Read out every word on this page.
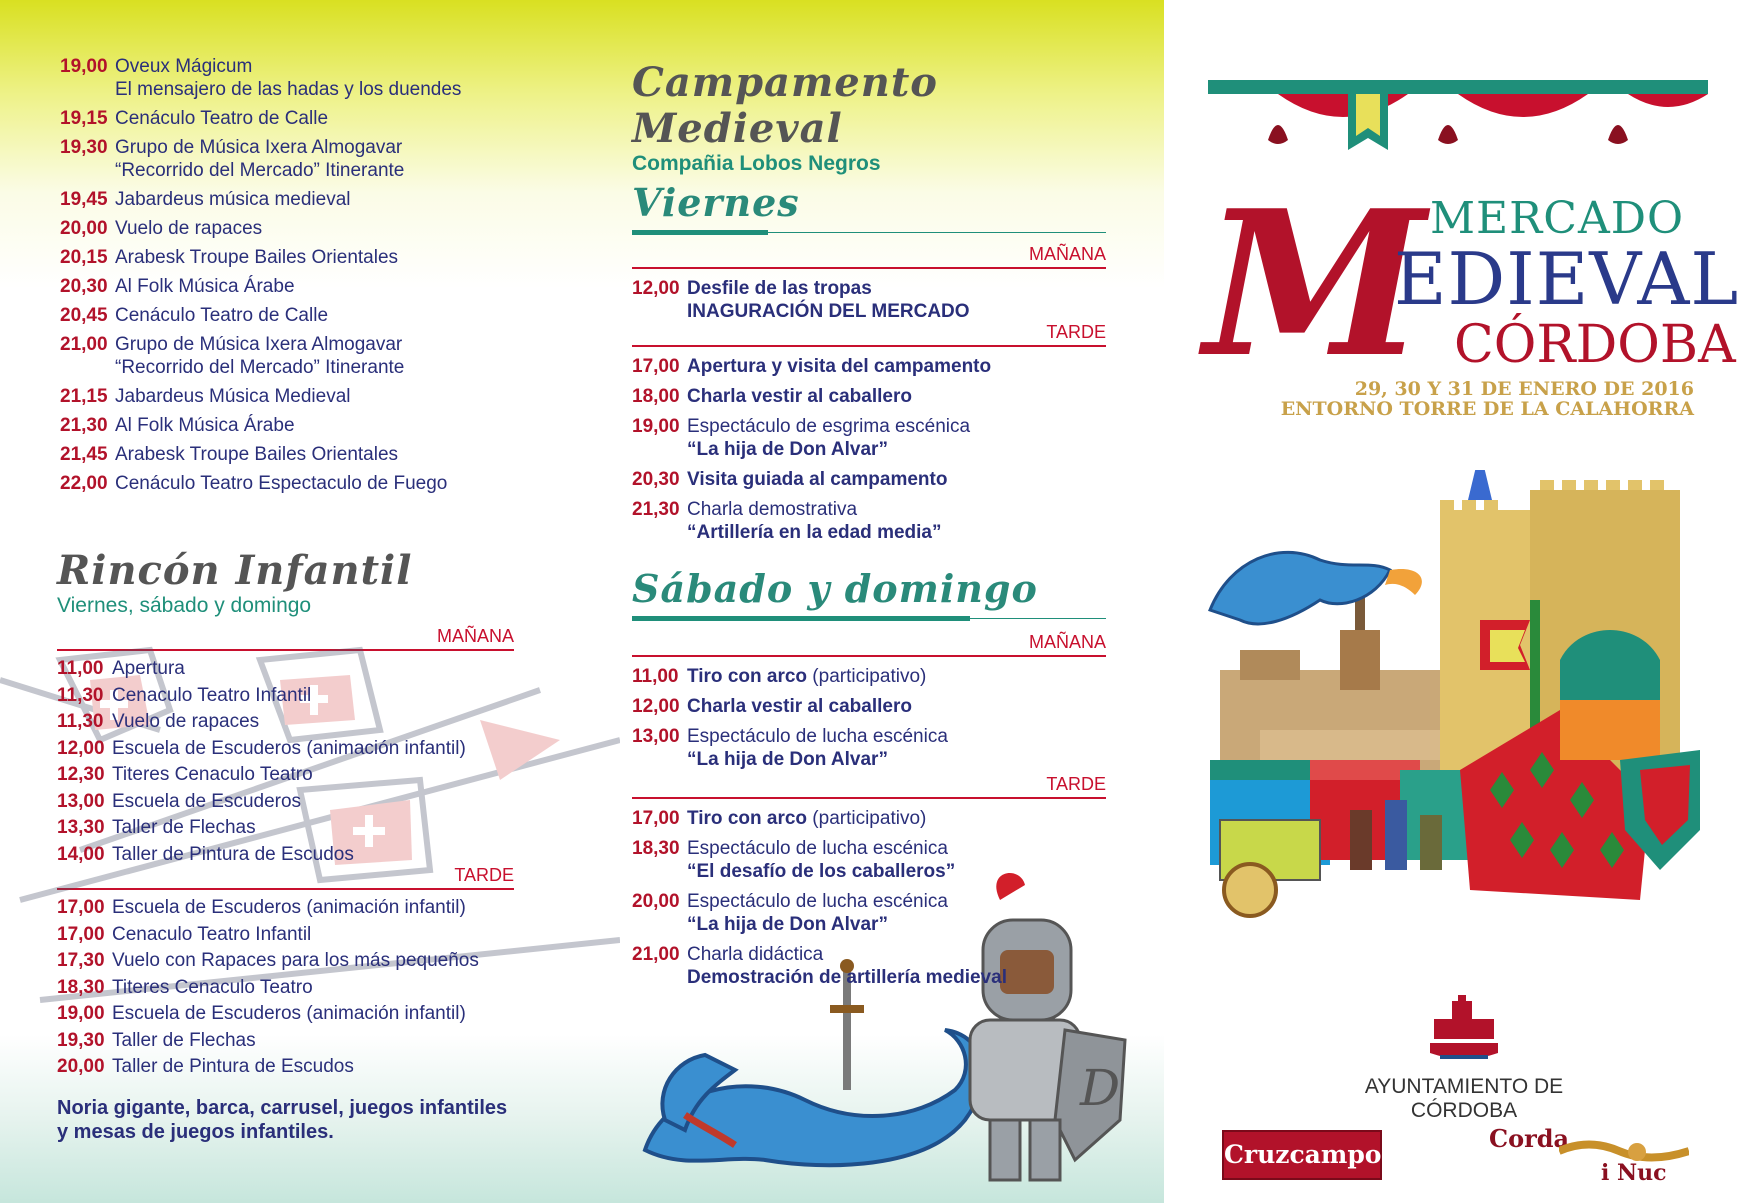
19,00 Oveux Mágicum
El mensajero de las hadas y los duendes
19,15 Cenáculo Teatro de Calle
19,30 Grupo de Música Ixera Almogavar
“Recorrido del Mercado” Itinerante
19,45 Jabardeus música medieval
20,00 Vuelo de rapaces
20,15 Arabesk Troupe Bailes Orientales
20,30 Al Folk Música Árabe
20,45 Cenáculo Teatro de Calle
21,00 Grupo de Música Ixera Almogavar
“Recorrido del Mercado” Itinerante
21,15 Jabardeus Música Medieval
21,30 Al Folk Música Árabe
21,45 Arabesk Troupe Bailes Orientales
22,00 Cenáculo Teatro Espectaculo de Fuego
Rincón Infantil
Viernes, sábado y domingo
MAÑANA
11,00 Apertura
11,30 Cenaculo Teatro Infantil
11,30 Vuelo de rapaces
12,00 Escuela de Escuderos (animación infantil)
12,30 Titeres Cenaculo Teatro
13,00 Escuela de Escuderos
13,30 Taller de Flechas
14,00 Taller de Pintura de Escudos
TARDE
17,00 Escuela de Escuderos (animación infantil)
17,00 Cenaculo Teatro Infantil
17,30 Vuelo con Rapaces para los más pequeños
18,30 Titeres Cenaculo Teatro
19,00 Escuela de Escuderos (animación infantil)
19,30 Taller de Flechas
20,00 Taller de Pintura de Escudos
Noria gigante, barca, carrusel, juegos infantiles
y mesas de juegos infantiles.
Campamento Medieval
Compañia Lobos Negros
Viernes
MAÑANA
12,00 Desfile de las tropas
INAGURACIÓN DEL MERCADO
TARDE
17,00 Apertura y visita del campamento
18,00 Charla vestir al caballero
19,00 Espectáculo de esgrima escénica
“La hija de Don Alvar”
20,30 Visita guiada al campamento
21,30 Charla demostrativa
“Artillería en la edad media”
Sábado y domingo
MAÑANA
11,00 Tiro con arco (participativo)
12,00 Charla vestir al caballero
13,00 Espectáculo de lucha escénica
“La hija de Don Alvar”
TARDE
17,00 Tiro con arco (participativo)
18,30 Espectáculo de lucha escénica
“El desafío de los caballeros”
20,00 Espectáculo de lucha escénica
“La hija de Don Alvar”
21,00 Charla didáctica
Demostración de artillería medieval
D
M MERCADO
EDIEVAL
CÓRDOBA
29, 30 Y 31 DE ENERO DE 2016
ENTORNO TORRE DE LA CALAHORRA
AYUNTAMIENTO DE CÓRDOBA
Cruzcampo
Corda
i Nuc
